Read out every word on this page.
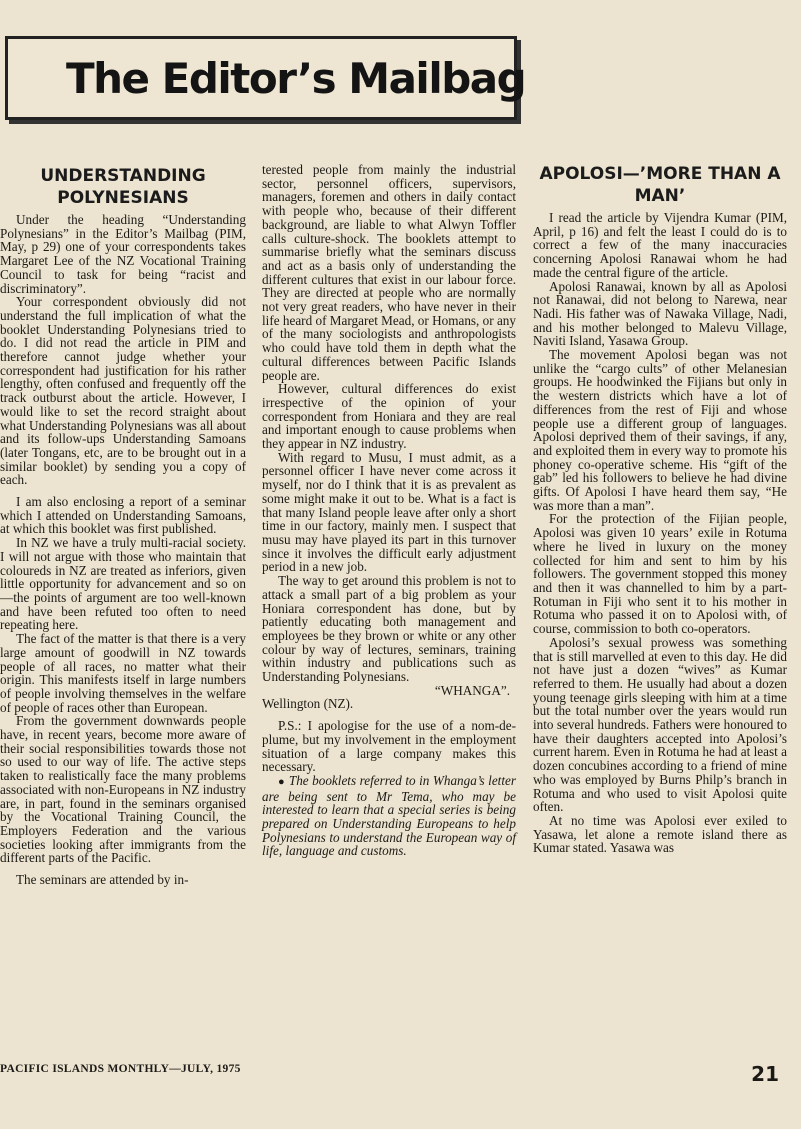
The Editor’s Mailbag
UNDERSTANDING POLYNESIANS

Under the heading “Understanding Polynesians” in the Editor’s Mailbag (PIM, May, p 29) one of your correspondents takes Margaret Lee of the NZ Vocational Training Council to task for being “racist and discriminatory”.

Your correspondent obviously did not understand the full implication of what the booklet Understanding Polynesians tried to do. I did not read the article in PIM and therefore cannot judge whether your correspondent had justification for his rather lengthy, often confused and frequently off the track outburst about the article. However, I would like to set the record straight about what Understanding Polynesians was all about and its follow-ups Understanding Samoans (later Tongans, etc, are to be brought out in a similar booklet) by sending you a copy of each.

I am also enclosing a report of a seminar which I attended on Understanding Samoans, at which this booklet was first published.

In NZ we have a truly multi-racial society. I will not argue with those who maintain that coloureds in NZ are treated as inferiors, given little opportunity for advancement and so on—the points of argument are too well-known and have been refuted too often to need repeating here.

The fact of the matter is that there is a very large amount of goodwill in NZ towards people of all races, no matter what their origin. This manifests itself in large numbers of people involving themselves in the welfare of people of races other than European.

From the government downwards people have, in recent years, become more aware of their social responsibilities towards those not so used to our way of life. The active steps taken to realistically face the many problems associated with non-Europeans in NZ industry are, in part, found in the seminars organised by the Vocational Training Council, the Employers Federation and the various societies looking after immigrants from the different parts of the Pacific.

The seminars are attended by in-

terested people from mainly the industrial sector, personnel officers, supervisors, managers, foremen and others in daily contact with people who, because of their different background, are liable to what Alwyn Toffler calls culture-shock. The booklets attempt to summarise briefly what the seminars discuss and act as a basis only of understanding the different cultures that exist in our labour force. They are directed at people who are normally not very great readers, who have never in their life heard of Margaret Mead, or Homans, or any of the many sociologists and anthropologists who could have told them in depth what the cultural differences between Pacific Islands people are.

However, cultural differences do exist irrespective of the opinion of your correspondent from Honiara and they are real and important enough to cause problems when they appear in NZ industry.

With regard to Musu, I must admit, as a personnel officer I have never come across it myself, nor do I think that it is as prevalent as some might make it out to be. What is a fact is that many Island people leave after only a short time in our factory, mainly men. I suspect that musu may have played its part in this turnover since it involves the difficult early adjustment period in a new job.

The way to get around this problem is not to attack a small part of a big problem as your Honiara correspondent has done, but by patiently educating both management and employees be they brown or white or any other colour by way of lectures, seminars, training within industry and publications such as Understanding Polynesians.

“WHANGA”.

Wellington (NZ).

P.S.: I apologise for the use of a nom-de-plume, but my involvement in the employment situation of a large company makes this necessary.

● The booklets referred to in Whanga’s letter are being sent to Mr Tema, who may be interested to learn that a special series is being prepared on Understanding Europeans to help Polynesians to understand the European way of life, language and customs.

APOLOSI—’MORE THAN A MAN’

I read the article by Vijendra Kumar (PIM, April, p 16) and felt the least I could do is to correct a few of the many inaccuracies concerning Apolosi Ranawai whom he had made the central figure of the article.

Apolosi Ranawai, known by all as Apolosi not Ranawai, did not belong to Narewa, near Nadi. His father was of Nawaka Village, Nadi, and his mother belonged to Malevu Village, Naviti Island, Yasawa Group.

The movement Apolosi began was not unlike the “cargo cults” of other Melanesian groups. He hoodwinked the Fijians but only in the western districts which have a lot of differences from the rest of Fiji and whose people use a different group of languages. Apolosi deprived them of their savings, if any, and exploited them in every way to promote his phoney co-operative scheme. His “gift of the gab” led his followers to believe he had divine gifts. Of Apolosi I have heard them say, “He was more than a man”.

For the protection of the Fijian people, Apolosi was given 10 years’ exile in Rotuma where he lived in luxury on the money collected for him and sent to him by his followers. The government stopped this money and then it was channelled to him by a part-Rotuman in Fiji who sent it to his mother in Rotuma who passed it on to Apolosi with, of course, commission to both co-operators.

Apolosi’s sexual prowess was something that is still marvelled at even to this day. He did not have just a dozen “wives” as Kumar referred to them. He usually had about a dozen young teenage girls sleeping with him at a time but the total number over the years would run into several hundreds. Fathers were honoured to have their daughters accepted into Apolosi’s current harem. Even in Rotuma he had at least a dozen concubines according to a friend of mine who was employed by Burns Philp’s branch in Rotuma and who used to visit Apolosi quite often.

At no time was Apolosi ever exiled to Yasawa, let alone a remote island there as Kumar stated. Yasawa was

PACIFIC ISLANDS MONTHLY—JULY, 1975	21
